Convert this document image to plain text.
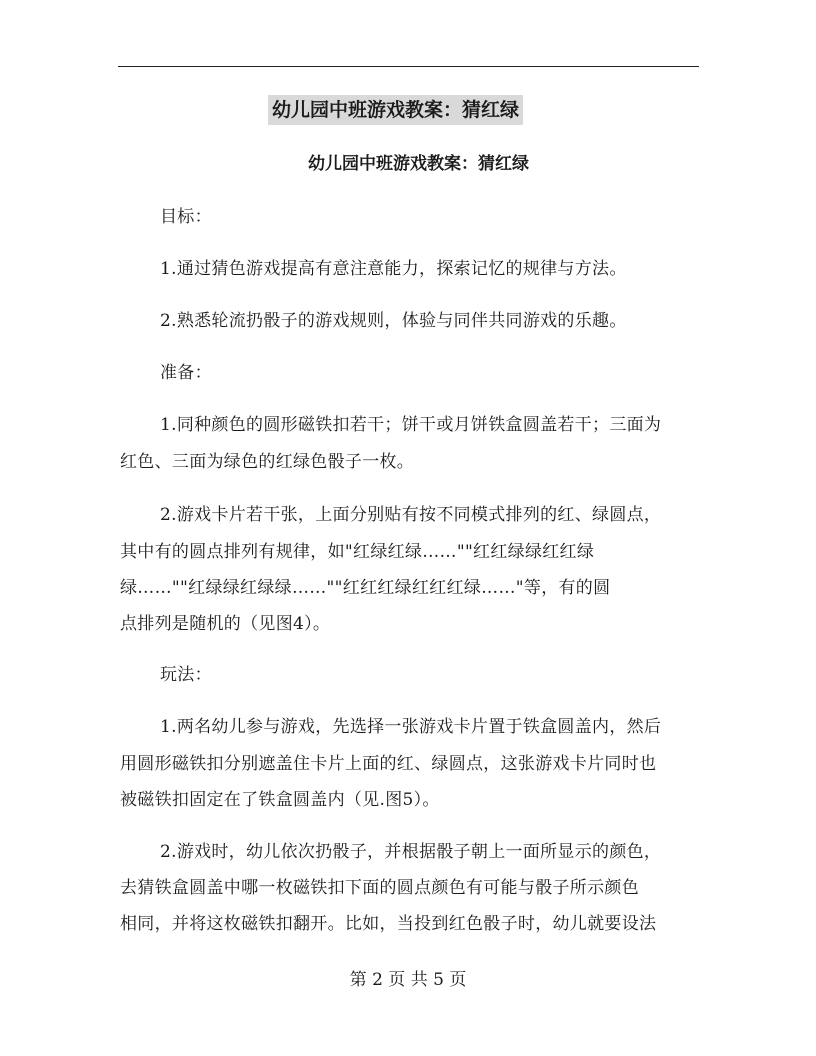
幼儿园中班游戏教案：猜红绿
幼儿园中班游戏教案：猜红绿
目标：
1.通过猜色游戏提高有意注意能力，探索记忆的规律与方法。
2.熟悉轮流扔骰子的游戏规则，体验与同伴共同游戏的乐趣。
准备：
1.同种颜色的圆形磁铁扣若干；饼干或月饼铁盒圆盖若干；三面为
红色、三面为绿色的红绿色骰子一枚。
2.游戏卡片若干张，上面分别贴有按不同模式排列的红、绿圆点，
其中有的圆点排列有规律，如"红绿红绿……""红红绿绿红红绿
绿……""红绿绿红绿绿……""红红红绿红红红绿……"等，有的圆
点排列是随机的（见图4）。
玩法：
1.两名幼儿参与游戏，先选择一张游戏卡片置于铁盒圆盖内，然后
用圆形磁铁扣分别遮盖住卡片上面的红、绿圆点，这张游戏卡片同时也
被磁铁扣固定在了铁盒圆盖内（见.图5）。
2.游戏时，幼儿依次扔骰子，并根据骰子朝上一面所显示的颜色，
去猜铁盒圆盖中哪一枚磁铁扣下面的圆点颜色有可能与骰子所示颜色
相同，并将这枚磁铁扣翻开。比如，当投到红色骰子时，幼儿就要设法
第 2 页 共 5 页
